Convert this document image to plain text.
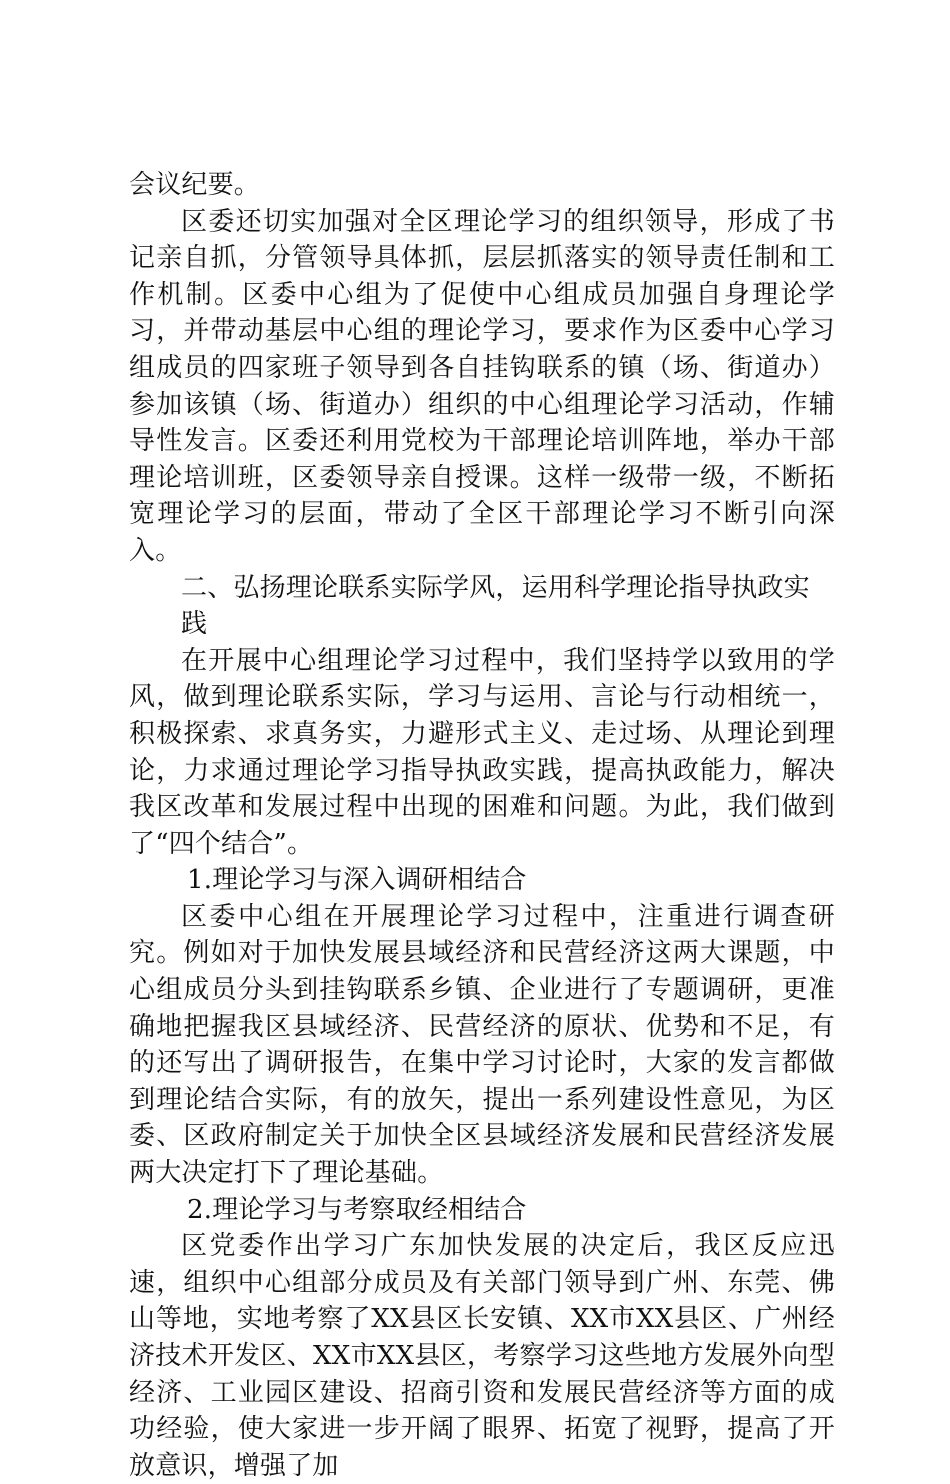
会议纪要。

区委还切实加强对全区理论学习的组织领导，形成了书记亲自抓，分管领导具体抓，层层抓落实的领导责任制和工作机制。区委中心组为了促使中心组成员加强自身理论学习，并带动基层中心组的理论学习，要求作为区委中心学习组成员的四家班子领导到各自挂钩联系的镇（场、街道办）参加该镇（场、街道办）组织的中心组理论学习活动，作辅导性发言。区委还利用党校为干部理论培训阵地，举办干部理论培训班，区委领导亲自授课。这样一级带一级，不断拓宽理论学习的层面，带动了全区干部理论学习不断引向深入。

二、弘扬理论联系实际学风，运用科学理论指导执政实践

在开展中心组理论学习过程中，我们坚持学以致用的学风，做到理论联系实际，学习与运用、言论与行动相统一，积极探索、求真务实，力避形式主义、走过场、从理论到理论，力求通过理论学习指导执政实践，提高执政能力，解决我区改革和发展过程中出现的困难和问题。为此，我们做到了“四个结合”。

1.理论学习与深入调研相结合

区委中心组在开展理论学习过程中，注重进行调查研究。例如对于加快发展县域经济和民营经济这两大课题，中心组成员分头到挂钩联系乡镇、企业进行了专题调研，更准确地把握我区县域经济、民营经济的原状、优势和不足，有的还写出了调研报告，在集中学习讨论时，大家的发言都做到理论结合实际，有的放矢，提出一系列建设性意见，为区委、区政府制定关于加快全区县域经济发展和民营经济发展两大决定打下了理论基础。

2.理论学习与考察取经相结合

区党委作出学习广东加快发展的决定后，我区反应迅速，组织中心组部分成员及有关部门领导到广州、东莞、佛山等地，实地考察了XX县区长安镇、XX市XX县区、广州经济技术开发区、XX市XX县区，考察学习这些地方发展外向型经济、工业园区建设、招商引资和发展民营经济等方面的成功经验，使大家进一步开阔了眼界、拓宽了视野，提高了开放意识，增强了加
